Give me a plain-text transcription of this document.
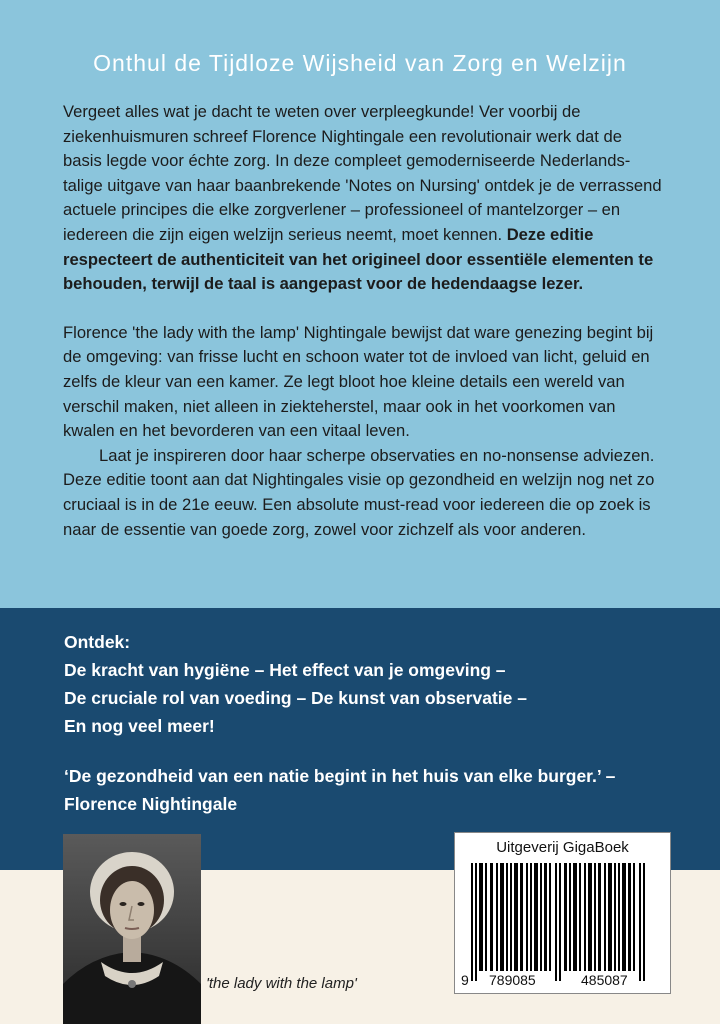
Onthul de Tijdloze Wijsheid van Zorg en Welzijn

Vergeet alles wat je dacht te weten over verpleegkunde! Ver voorbij de ziekenhuismuren schreef Florence Nightingale een revolutionair werk dat de basis legde voor échte zorg. In deze compleet gemoderniseerde Nederlands-talige uitgave van haar baanbrekende 'Notes on Nursing' ontdek je de verrassend actuele principes die elke zorgverlener – professioneel of mantelzorger – en iedereen die zijn eigen welzijn serieus neemt, moet kennen. Deze editie respecteert de authenticiteit van het origineel door essentiële elementen te behouden, terwijl de taal is aangepast voor de hedendaagse lezer.

Florence 'the lady with the lamp' Nightingale bewijst dat ware genezing begint bij de omgeving: van frisse lucht en schoon water tot de invloed van licht, geluid en zelfs de kleur van een kamer. Ze legt bloot hoe kleine details een wereld van verschil maken, niet alleen in ziekteherstel, maar ook in het voorkomen van kwalen en het bevorderen van een vitaal leven.

Laat je inspireren door haar scherpe observaties en no-nonsense adviezen. Deze editie toont aan dat Nightingales visie op gezondheid en welzijn nog net zo cruciaal is in de 21e eeuw. Een absolute must-read voor iedereen die op zoek is naar de essentie van goede zorg, zowel voor zichzelf als voor anderen.

Ontdek:
De kracht van hygiëne – Het effect van je omgeving –
De cruciale rol van voeding – De kunst van observatie –
En nog veel meer!
‘De gezondheid van een natie begint in het huis van elke burger.’ – Florence Nightingale
'the lady with the lamp'
Uitgeverij GigaBoek
9 789085	485087
